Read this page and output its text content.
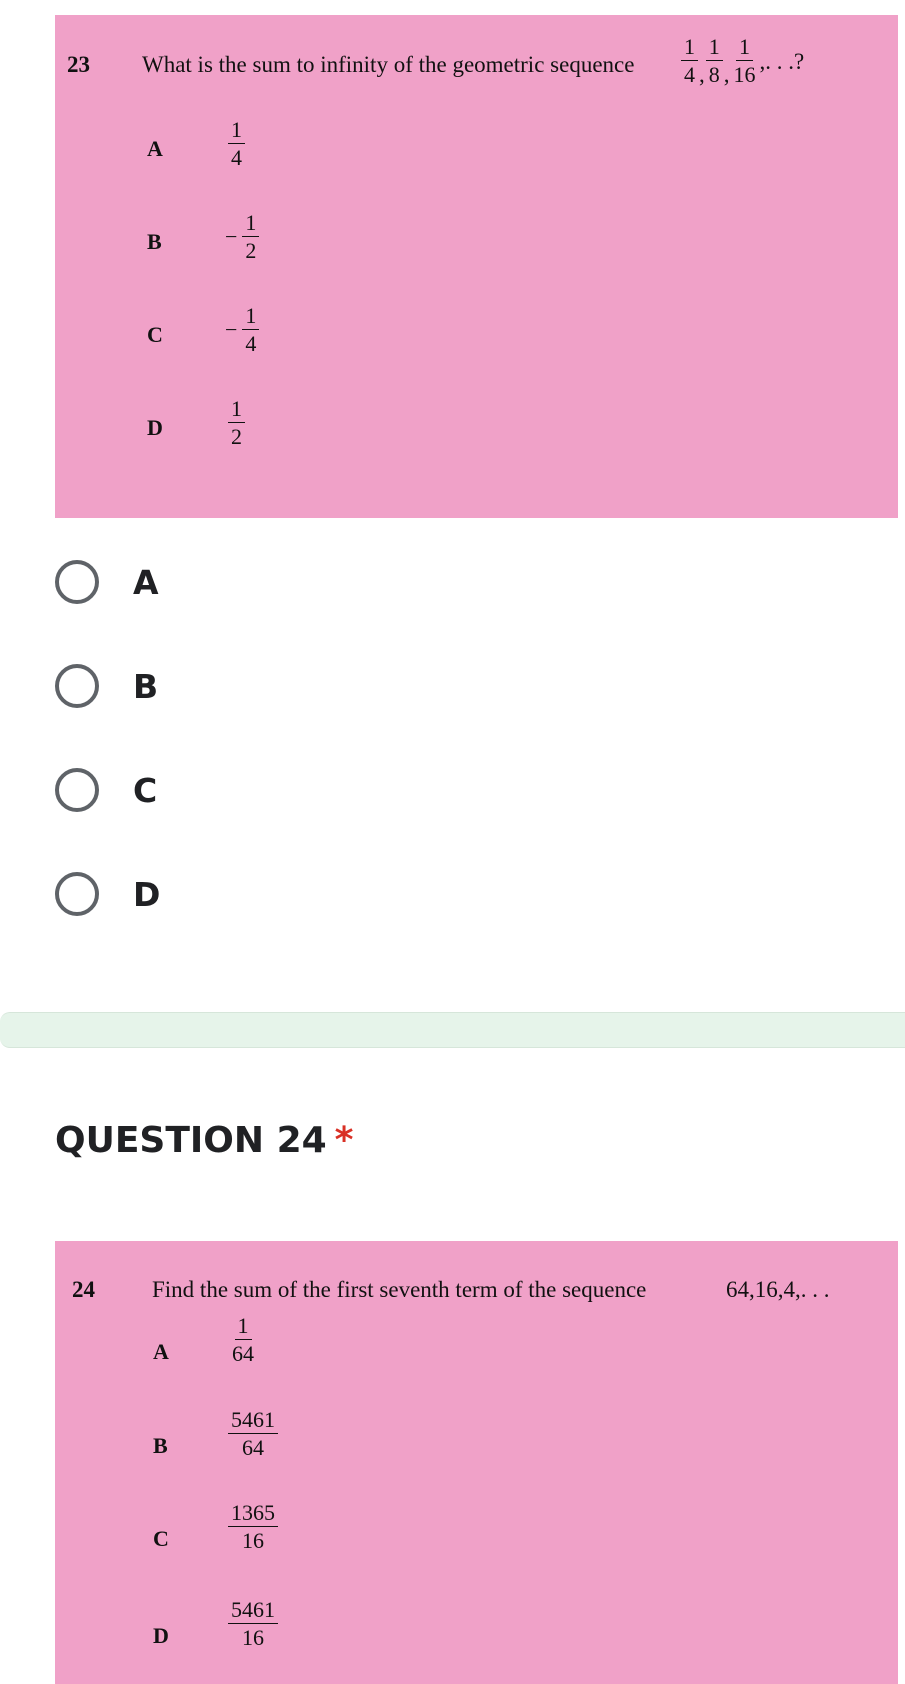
23 What is the sum to infinity of the geometric sequence $\frac{1}{4}$ , $\frac{1}{8}$ , $\frac{1}{16}$ ,. . .?
A	$\frac{1}{4}$
B	− $\frac{1}{2}$
C	− $\frac{1}{4}$
D	$\frac{1}{2}$
A
B
C
D
QUESTION 24 *
24 Find the sum of the first seventh term of the sequence	64,16,4,. . .
A	$\frac{1}{64}$
B	$\frac{5461}{64}$
C	$\frac{1365}{16}$
D	$\frac{5461}{16}$
